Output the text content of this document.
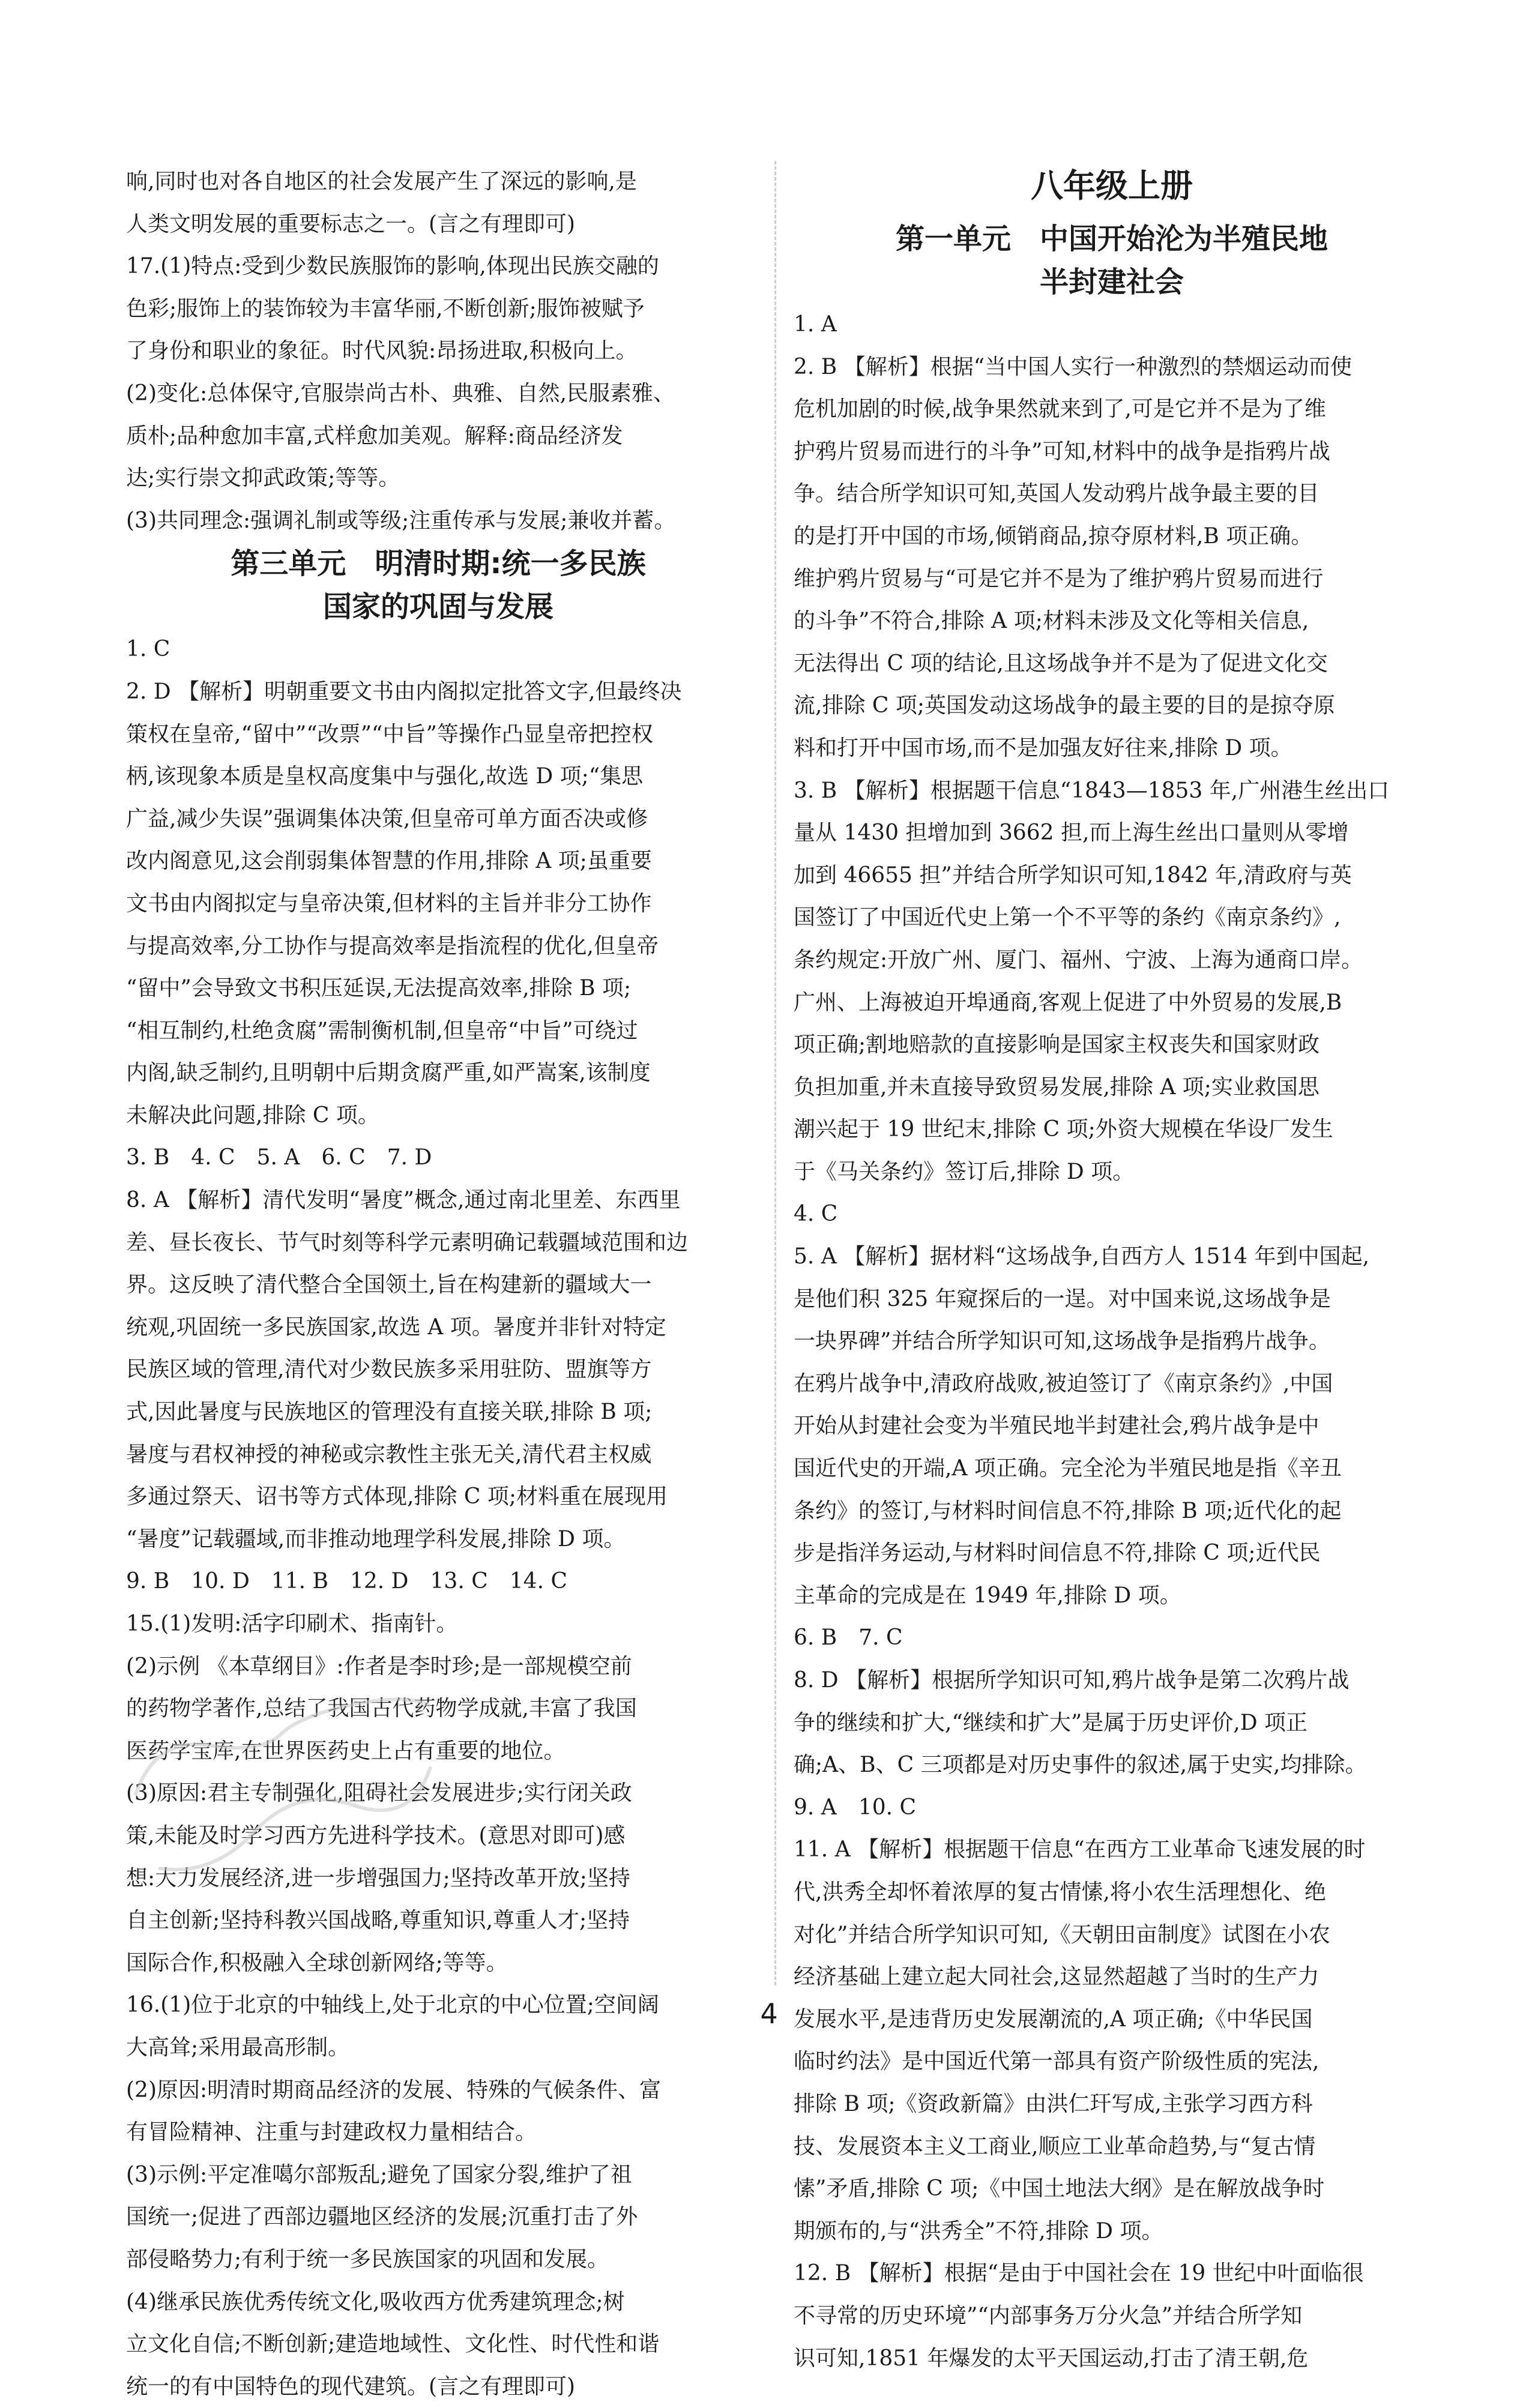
响,同时也对各自地区的社会发展产生了深远的影响,是
人类文明发展的重要标志之一。(言之有理即可)

17.(1)特点:受到少数民族服饰的影响,体现出民族交融的
色彩;服饰上的装饰较为丰富华丽,不断创新;服饰被赋予
了身份和职业的象征。时代风貌:昂扬进取,积极向上。
(2)变化:总体保守,官服崇尚古朴、典雅、自然,民服素雅、
质朴;品种愈加丰富,式样愈加美观。解释:商品经济发
达;实行崇文抑武政策;等等。
(3)共同理念:强调礼制或等级;注重传承与发展;兼收并蓄。

第三单元　明清时期:统一多民族
国家的巩固与发展

1. C
2. D 【解析】明朝重要文书由内阁拟定批答文字,但最终决
策权在皇帝,“留中”“改票”“中旨”等操作凸显皇帝把控权
柄,该现象本质是皇权高度集中与强化,故选 D 项;“集思
广益,减少失误”强调集体决策,但皇帝可单方面否决或修
改内阁意见,这会削弱集体智慧的作用,排除 A 项;虽重要
文书由内阁拟定与皇帝决策,但材料的主旨并非分工协作
与提高效率,分工协作与提高效率是指流程的优化,但皇帝
“留中”会导致文书积压延误,无法提高效率,排除 B 项;
“相互制约,杜绝贪腐”需制衡机制,但皇帝“中旨”可绕过
内阁,缺乏制约,且明朝中后期贪腐严重,如严嵩案,该制度
未解决此问题,排除 C 项。
3. B　4. C　5. A　6. C　7. D
8. A 【解析】清代发明“暑度”概念,通过南北里差、东西里
差、昼长夜长、节气时刻等科学元素明确记载疆域范围和边
界。这反映了清代整合全国领土,旨在构建新的疆域大一
统观,巩固统一多民族国家,故选 A 项。暑度并非针对特定
民族区域的管理,清代对少数民族多采用驻防、盟旗等方
式,因此暑度与民族地区的管理没有直接关联,排除 B 项;
暑度与君权神授的神秘或宗教性主张无关,清代君主权威
多通过祭天、诏书等方式体现,排除 C 项;材料重在展现用
“暑度”记载疆域,而非推动地理学科发展,排除 D 项。
9. B　10. D　11. B　12. D　13. C　14. C
15.(1)发明:活字印刷术、指南针。
(2)示例 《本草纲目》:作者是李时珍;是一部规模空前
的药物学著作,总结了我国古代药物学成就,丰富了我国
医药学宝库,在世界医药史上占有重要的地位。
(3)原因:君主专制强化,阻碍社会发展进步;实行闭关政
策,未能及时学习西方先进科学技术。(意思对即可)感
想:大力发展经济,进一步增强国力;坚持改革开放;坚持
自主创新;坚持科教兴国战略,尊重知识,尊重人才;坚持
国际合作,积极融入全球创新网络;等等。
16.(1)位于北京的中轴线上,处于北京的中心位置;空间阔
大高耸;采用最高形制。
(2)原因:明清时期商品经济的发展、特殊的气候条件、富
有冒险精神、注重与封建政权力量相结合。
(3)示例:平定准噶尔部叛乱;避免了国家分裂,维护了祖
国统一;促进了西部边疆地区经济的发展;沉重打击了外
部侵略势力;有利于统一多民族国家的巩固和发展。
(4)继承民族优秀传统文化,吸收西方优秀建筑理念;树
立文化自信;不断创新;建造地域性、文化性、时代性和谐
统一的有中国特色的现代建筑。(言之有理即可)

八年级上册
第一单元　中国开始沦为半殖民地
半封建社会

1. A
2. B 【解析】根据“当中国人实行一种激烈的禁烟运动而使
危机加剧的时候,战争果然就来到了,可是它并不是为了维
护鸦片贸易而进行的斗争”可知,材料中的战争是指鸦片战
争。结合所学知识可知,英国人发动鸦片战争最主要的目
的是打开中国的市场,倾销商品,掠夺原材料,B 项正确。
维护鸦片贸易与“可是它并不是为了维护鸦片贸易而进行
的斗争”不符合,排除 A 项;材料未涉及文化等相关信息,
无法得出 C 项的结论,且这场战争并不是为了促进文化交
流,排除 C 项;英国发动这场战争的最主要的目的是掠夺原
料和打开中国市场,而不是加强友好往来,排除 D 项。
3. B 【解析】根据题干信息“1843—1853 年,广州港生丝出口
量从 1430 担增加到 3662 担,而上海生丝出口量则从零增
加到 46655 担”并结合所学知识可知,1842 年,清政府与英
国签订了中国近代史上第一个不平等的条约《南京条约》,
条约规定:开放广州、厦门、福州、宁波、上海为通商口岸。
广州、上海被迫开埠通商,客观上促进了中外贸易的发展,B
项正确;割地赔款的直接影响是国家主权丧失和国家财政
负担加重,并未直接导致贸易发展,排除 A 项;实业救国思
潮兴起于 19 世纪末,排除 C 项;外资大规模在华设厂发生
于《马关条约》签订后,排除 D 项。
4. C
5. A 【解析】据材料“这场战争,自西方人 1514 年到中国起,
是他们积 325 年窥探后的一逞。对中国来说,这场战争是
一块界碑”并结合所学知识可知,这场战争是指鸦片战争。
在鸦片战争中,清政府战败,被迫签订了《南京条约》,中国
开始从封建社会变为半殖民地半封建社会,鸦片战争是中
国近代史的开端,A 项正确。完全沦为半殖民地是指《辛丑
条约》的签订,与材料时间信息不符,排除 B 项;近代化的起
步是指洋务运动,与材料时间信息不符,排除 C 项;近代民
主革命的完成是在 1949 年,排除 D 项。
6. B　7. C
8. D 【解析】根据所学知识可知,鸦片战争是第二次鸦片战
争的继续和扩大,“继续和扩大”是属于历史评价,D 项正
确;A、B、C 三项都是对历史事件的叙述,属于史实,均排除。
9. A　10. C
11. A 【解析】根据题干信息“在西方工业革命飞速发展的时
代,洪秀全却怀着浓厚的复古情愫,将小农生活理想化、绝
对化”并结合所学知识可知,《天朝田亩制度》试图在小农
经济基础上建立起大同社会,这显然超越了当时的生产力
发展水平,是违背历史发展潮流的,A 项正确;《中华民国
临时约法》是中国近代第一部具有资产阶级性质的宪法,
排除 B 项;《资政新篇》由洪仁玕写成,主张学习西方科
技、发展资本主义工商业,顺应工业革命趋势,与“复古情
愫”矛盾,排除 C 项;《中国土地法大纲》是在解放战争时
期颁布的,与“洪秀全”不符,排除 D 项。
12. B 【解析】根据“是由于中国社会在 19 世纪中叶面临很
不寻常的历史环境”“内部事务万分火急”并结合所学知
识可知,1851 年爆发的太平天国运动,打击了清王朝,危

4
